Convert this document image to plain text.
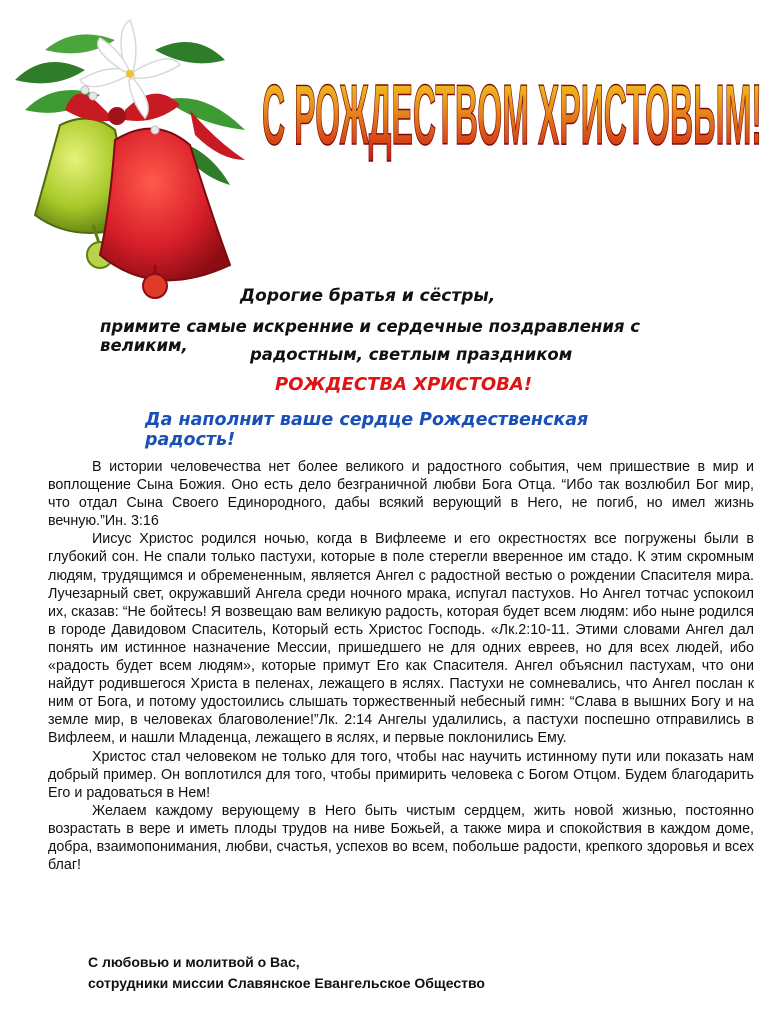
С РОЖДЕСТВОМ ХРИСТОВЫМ!
Дорогие братья и сёстры,
примите самые искренние и сердечные поздравления с великим,	радостным, светлым праздником
РОЖДЕСТВА ХРИСТОВА!
Да наполнит ваше сердце Рождественская радость!

В истории человечества нет более великого и радостного события, чем пришествие в мир и воплощение Сына Божия. Оно есть дело безграничной любви Бога Отца. “Ибо так возлюбил Бог мир, что отдал Сына Своего Единородного, дабы всякий верующий в Него, не погиб, но имел жизнь вечную.”Ин. 3:16

Иисус Христос родился ночью, когда в Вифлееме и его окрестностях все погружены были в глубокий сон. Не спали только пастухи, которые в поле стерегли вверенное им стадо. К этим скромным людям, трудящимся и обремененным, является Ангел с радостной вестью о рождении Спасителя мира. Лучезарный свет, окружавший Ангела среди ночного мрака, испугал пастухов. Но Ангел тотчас успокоил их, сказав: “Не бойтесь! Я возвещаю вам великую радость, которая будет всем людям: ибо ныне родился в городе Давидовом Спаситель, Который есть Христос Господь. «Лк.2:10-11. Этими словами Ангел дал понять им истинное назначение Мессии, пришедшего не для одних евреев, но для всех людей, ибо «радость будет всем людям», которые примут Его как Спасителя. Ангел объяснил пастухам, что они найдут родившегося Христа в пеленах, лежащего в яслях. Пастухи не сомневались, что Ангел послан к ним от Бога, и потому удостоились слышать торжественный небесный гимн: “Слава в вышних Богу и на земле мир, в человеках благоволение!”Лк. 2:14 Ангелы удалились, а пастухи поспешно отправились в Вифлеем, и нашли Младенца, лежащего в яслях, и первые поклонились Ему.

Христос стал человеком не только для того, чтобы нас научить истинному пути или показать нам добрый пример. Он воплотился для того, чтобы примирить человека с Богом Отцом. Будем благодарить Его и радоваться в Нем!

Желаем каждому верующему в Него быть чистым сердцем, жить новой жизнью, постоянно возрастать в вере и иметь плоды трудов на ниве Божьей, а также мира и спокойствия в каждом доме, добра, взаимопонимания, любви, счастья, успехов во всем, побольше радости, крепкого здоровья и всех благ!

С любовью и молитвой о Вас,
сотрудники миссии Славянское Евангельское Общество
